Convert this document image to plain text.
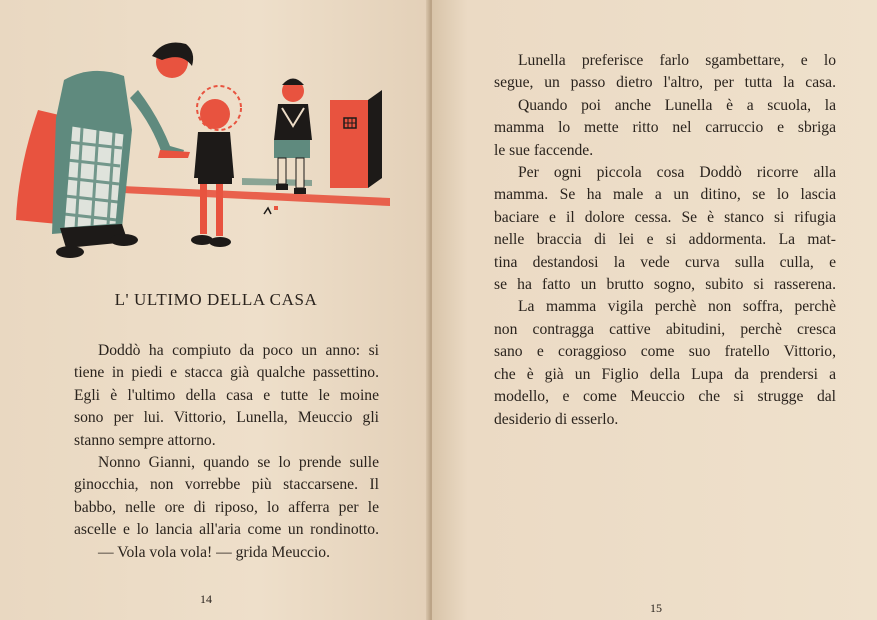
L' ULTIMO DELLA CASA
Doddò ha compiuto da poco un anno: si
tiene in piedi e stacca già qualche passettino.
Egli è l'ultimo della casa e tutte le moine
sono per lui. Vittorio, Lunella, Meuccio gli
stanno sempre attorno.
Nonno Gianni, quando se lo prende sulle
ginocchia, non vorrebbe più staccarsene. Il
babbo, nelle ore di riposo, lo afferra per le
ascelle e lo lancia all'aria come un rondinotto.
— Vola vola vola! — grida Meuccio.
14
Lunella preferisce farlo sgambettare, e lo
segue, un passo dietro l'altro, per tutta la casa.
Quando poi anche Lunella è a scuola, la
mamma lo mette ritto nel carruccio e sbriga
le sue faccende.
Per ogni piccola cosa Doddò ricorre alla
mamma. Se ha male a un ditino, se lo lascia
baciare e il dolore cessa. Se è stanco si rifugia
nelle braccia di lei e si addormenta. La mat-
tina destandosi la vede curva sulla culla, e
se ha fatto un brutto sogno, subito si rasserena.
La mamma vigila perchè non soffra, perchè
non contragga cattive abitudini, perchè cresca
sano e coraggioso come suo fratello Vittorio,
che è già un Figlio della Lupa da prendersi a
modello, e come Meuccio che si strugge dal
desiderio di esserlo.
15
